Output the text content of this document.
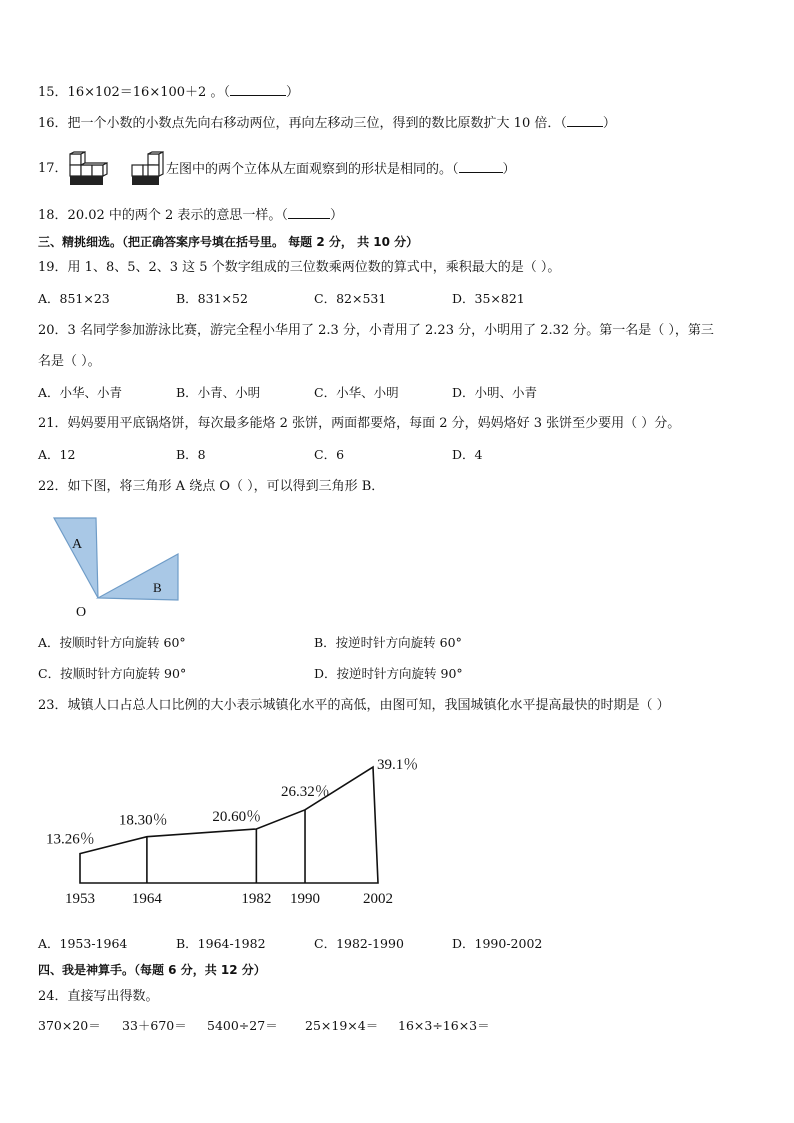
15．16×102＝16×100＋2 。（	）
16．把一个小数的小数点先向右移动两位，再向左移动三位，得到的数比原数扩大 10 倍．（	）
17．	左图中的两个立体从左面观察到的形状是相同的。（	）
18．20.02 中的两个 2 表示的意思一样。（	）
三、精挑细选。（把正确答案序号填在括号里。 每题 2 分， 共 10 分）
19．用 1、8、5、2、3 这 5 个数字组成的三位数乘两位数的算式中，乘积最大的是（ ）。
A．851×23	B．831×52	C．82×531	D．35×821
20．3 名同学参加游泳比赛，游完全程小华用了 2.3 分，小青用了 2.23 分，小明用了 2.32 分。第一名是（ ），第三
名是（ ）。
A．小华、小青	B．小青、小明	C．小华、小明	D．小明、小青
21．妈妈要用平底锅烙饼，每次最多能烙 2 张饼，两面都要烙，每面 2 分，妈妈烙好 3 张饼至少要用（ ）分。
A．12	B．8	C．6	D．4
22．如下图，将三角形 A 绕点 O（ ），可以得到三角形 B．
A
B
O
A．按顺时针方向旋转 60°	B．按逆时针方向旋转 60°
C．按顺时针方向旋转 90°	D．按逆时针方向旋转 90°
23．城镇人口占总人口比例的大小表示城镇化水平的高低，由图可知，我国城镇化水平提高最快的时期是（ ）
13.26％
18.30％	20.60％
26.32％
39.1％
1953 1964	1982 1990	2002
A．1953-1964	B．1964-1982	C．1982-1990	D．1990-2002
四、我是神算手。（每题 6 分，共 12 分）
24．直接写出得数。
370×20＝ 33＋670＝ 5400÷27＝ 25×19×4＝ 16×3÷16×3＝
